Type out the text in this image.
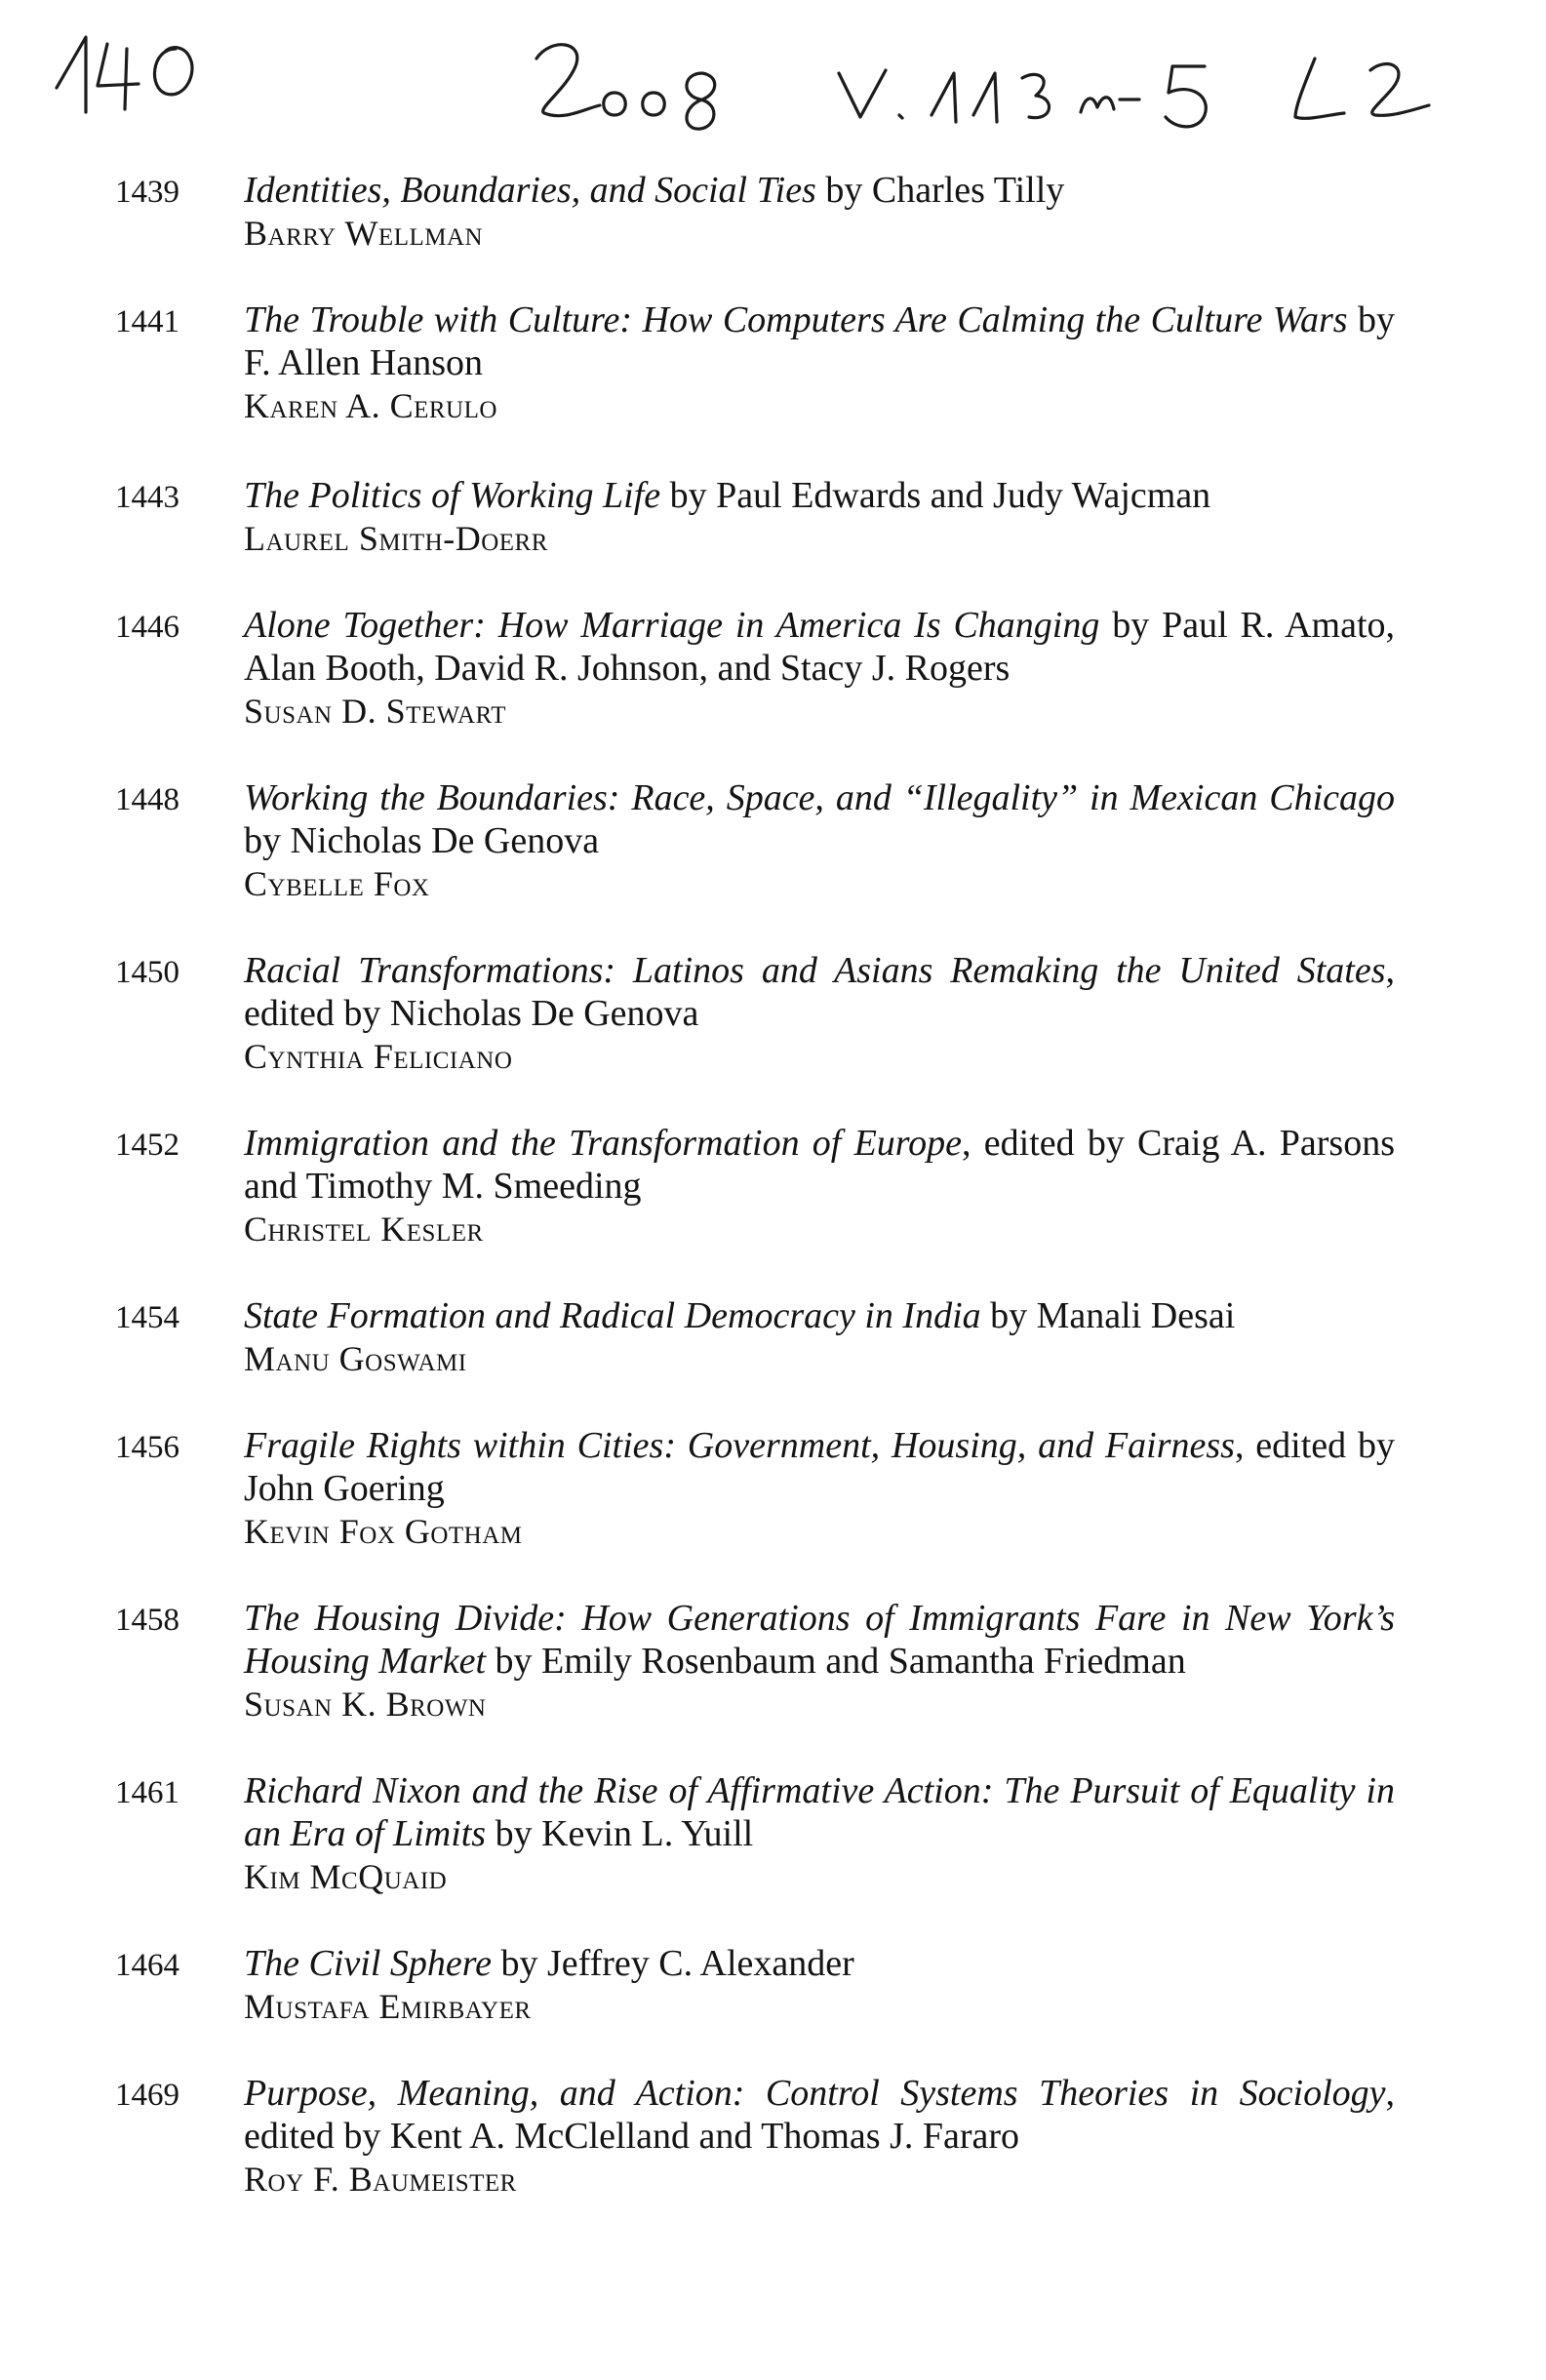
1439	Identities, Boundaries, and Social Ties by Charles Tilly
Barry Wellman
1441	The Trouble with Culture: How Computers Are Calming the Culture Wars by F. Allen Hanson
Karen A. Cerulo
1443	The Politics of Working Life by Paul Edwards and Judy Wajcman
Laurel Smith-Doerr
1446	Alone Together: How Marriage in America Is Changing by Paul R. Amato, Alan Booth, David R. Johnson, and Stacy J. Rogers
Susan D. Stewart
1448	Working the Boundaries: Race, Space, and “Illegality” in Mexican Chicago by Nicholas De Genova
Cybelle Fox
1450	Racial Transformations: Latinos and Asians Remaking the United States, edited by Nicholas De Genova
Cynthia Feliciano
1452	Immigration and the Transformation of Europe, edited by Craig A. Parsons and Timothy M. Smeeding
Christel Kesler
1454	State Formation and Radical Democracy in India by Manali Desai
Manu Goswami
1456	Fragile Rights within Cities: Government, Housing, and Fairness, edited by John Goering
Kevin Fox Gotham
1458	The Housing Divide: How Generations of Immigrants Fare in New York’s Housing Market by Emily Rosenbaum and Samantha Friedman
Susan K. Brown
1461	Richard Nixon and the Rise of Affirmative Action: The Pursuit of Equality in an Era of Limits by Kevin L. Yuill
Kim McQuaid
1464	The Civil Sphere by Jeffrey C. Alexander
Mustafa Emirbayer
1469	Purpose, Meaning, and Action: Control Systems Theories in Sociology, edited by Kent A. McClelland and Thomas J. Fararo
Roy F. Baumeister
